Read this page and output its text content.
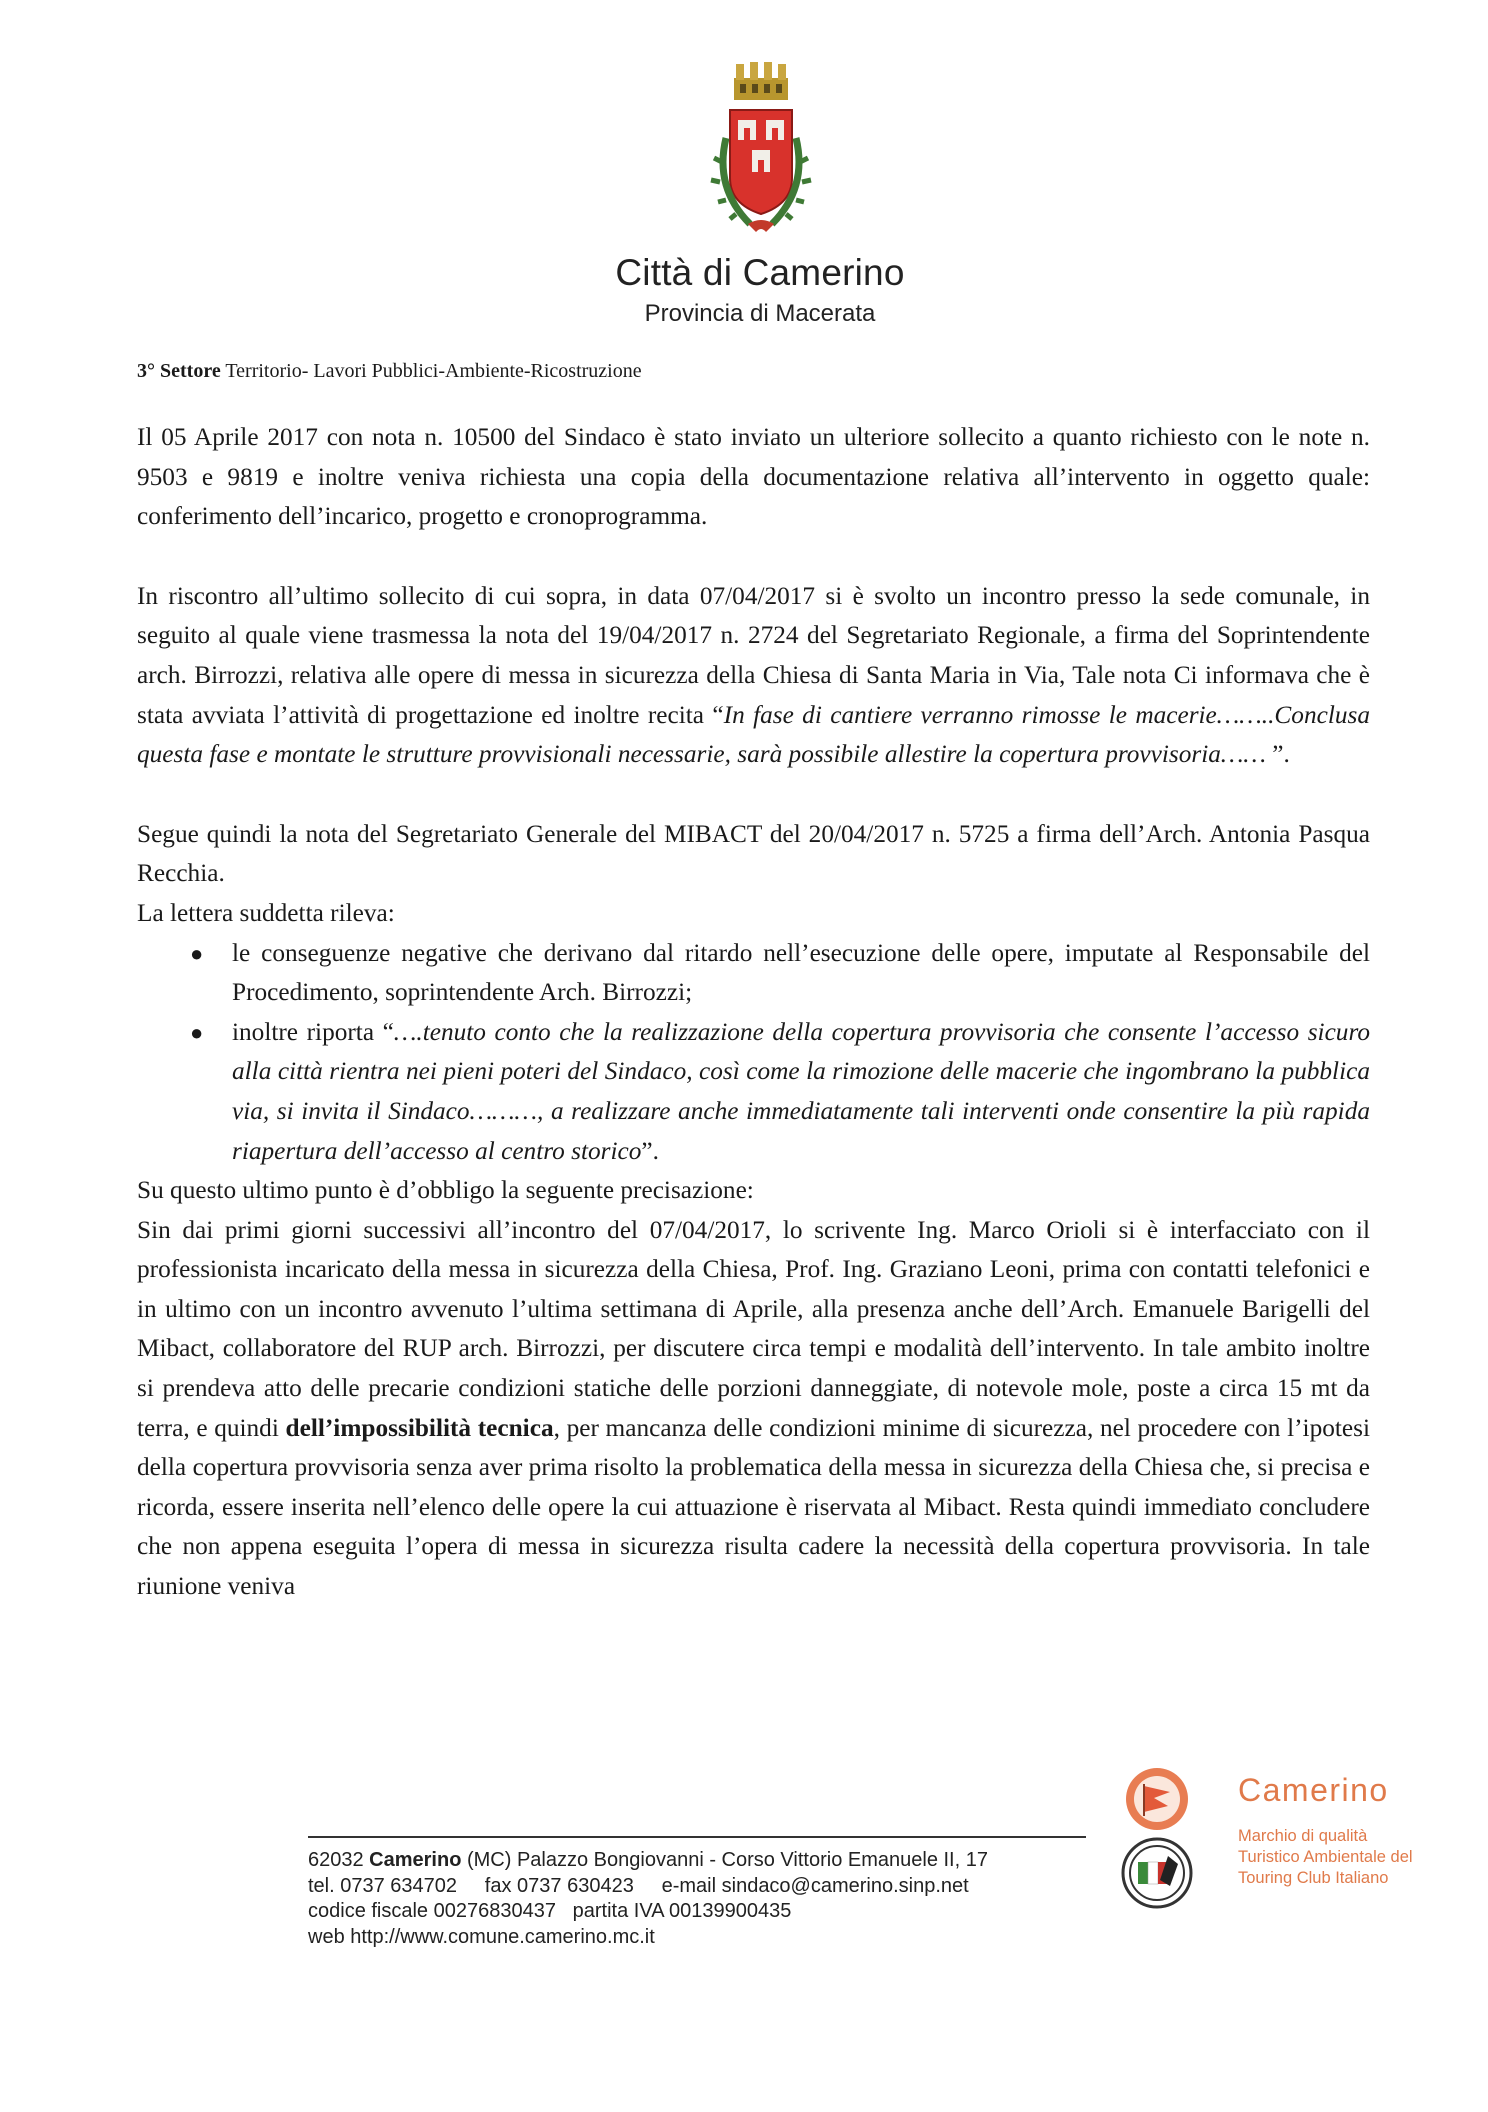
Città di Camerino
Provincia di Macerata
3° Settore Territorio- Lavori Pubblici-Ambiente-Ricostruzione

Il 05 Aprile 2017 con nota n. 10500 del Sindaco è stato inviato un ulteriore sollecito a quanto richiesto con le note n. 9503 e 9819 e inoltre veniva richiesta una copia della documentazione relativa all’intervento in oggetto quale: conferimento dell’incarico, progetto e cronoprogramma.

In riscontro all’ultimo sollecito di cui sopra, in data 07/04/2017 si è svolto un incontro presso la sede comunale, in seguito al quale viene trasmessa la nota del 19/04/2017 n. 2724 del Segretariato Regionale, a firma del Soprintendente arch. Birrozzi, relativa alle opere di messa in sicurezza della Chiesa di Santa Maria in Via, Tale nota Ci informava che è stata avviata l’attività di progettazione ed inoltre recita “In fase di cantiere verranno rimosse le macerie……..Conclusa questa fase e montate le strutture provvisionali necessarie, sarà possibile allestire la copertura provvisoria…… ”.

Segue quindi la nota del Segretariato Generale del MIBACT del 20/04/2017 n. 5725 a firma dell’Arch. Antonia Pasqua Recchia.

La lettera suddetta rileva:

● le conseguenze negative che derivano dal ritardo nell’esecuzione delle opere, imputate al Responsabile del Procedimento, soprintendente Arch. Birrozzi;
● inoltre riporta “….tenuto conto che la realizzazione della copertura provvisoria che consente l’accesso sicuro alla città rientra nei pieni poteri del Sindaco, così come la rimozione delle macerie che ingombrano la pubblica via, si invita il Sindaco………, a realizzare anche immediatamente tali interventi onde consentire la più rapida riapertura dell’accesso al centro storico”.

Su questo ultimo punto è d’obbligo la seguente precisazione:

Sin dai primi giorni successivi all’incontro del 07/04/2017, lo scrivente Ing. Marco Orioli si è interfacciato con il professionista incaricato della messa in sicurezza della Chiesa, Prof. Ing. Graziano Leoni, prima con contatti telefonici e in ultimo con un incontro avvenuto l’ultima settimana di Aprile, alla presenza anche dell’Arch. Emanuele Barigelli del Mibact, collaboratore del RUP arch. Birrozzi, per discutere circa tempi e modalità dell’intervento. In tale ambito inoltre si prendeva atto delle precarie condizioni statiche delle porzioni danneggiate, di notevole mole, poste a circa 15 mt da terra, e quindi dell’impossibilità tecnica, per mancanza delle condizioni minime di sicurezza, nel procedere con l’ipotesi della copertura provvisoria senza aver prima risolto la problematica della messa in sicurezza della Chiesa che, si precisa e ricorda, essere inserita nell’elenco delle opere la cui attuazione è riservata al Mibact. Resta quindi immediato concludere che non appena eseguita l’opera di messa in sicurezza risulta cadere la necessità della copertura provvisoria. In tale riunione veniva

Camerino
Marchio di qualità
Turistico Ambientale del
Touring Club Italiano
62032 Camerino (MC) Palazzo Bongiovanni - Corso Vittorio Emanuele II, 17
tel. 0737 634702     fax 0737 630423     e-mail sindaco@camerino.sinp.net
codice fiscale 00276830437   partita IVA 00139900435
web http://www.comune.camerino.mc.it
